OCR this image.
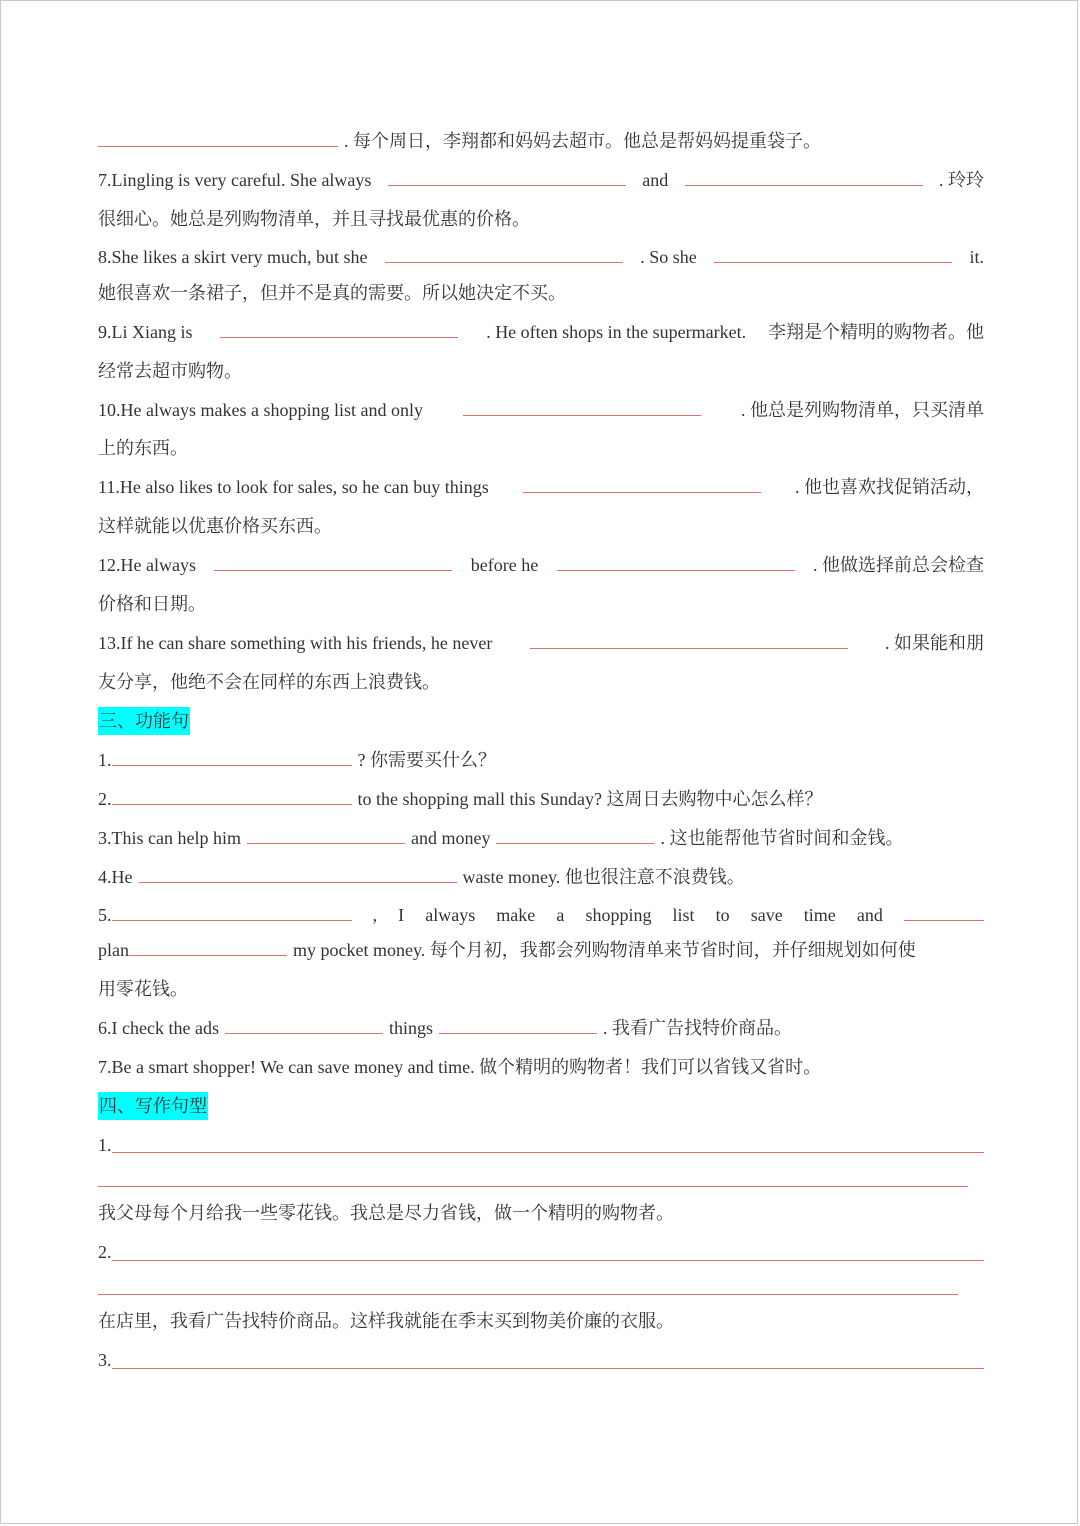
. 每个周日，李翔都和妈妈去超市。他总是帮妈妈提重袋子。
7.Lingling is very careful. She always	and	. 玲玲
很细心。她总是列购物清单，并且寻找最优惠的价格。
8.She likes a skirt very much, but she	. So she	it.
她很喜欢一条裙子，但并不是真的需要。所以她决定不买。
9.Li Xiang is	. He often shops in the supermarket. 李翔是个精明的购物者。他
经常去超市购物。
10.He always makes a shopping list and only	. 他总是列购物清单，只买清单
上的东西。
11.He also likes to look for sales, so he can buy things	. 他也喜欢找促销活动，
这样就能以优惠价格买东西。
12.He always	before he	. 他做选择前总会检查
价格和日期。
13.If he can share something with his friends, he never	. 如果能和朋
友分享，他绝不会在同样的东西上浪费钱。
三、功能句
1.	? 你需要买什么？
2.	to the shopping mall this Sunday? 这周日去购物中心怎么样？
3.This can help him	and money	. 这也能帮他节省时间和金钱。
4.He	waste money. 他也很注意不浪费钱。
5.	, I always make a shopping list to save time and
plan	my pocket money. 每个月初，我都会列购物清单来节省时间，并仔细规划如何使
用零花钱。
6.I check the ads	things	. 我看广告找特价商品。
7.Be a smart shopper! We can save money and time. 做个精明的购物者！我们可以省钱又省时。
四、写作句型
1.
我父母每个月给我一些零花钱。我总是尽力省钱，做一个精明的购物者。
2.
在店里，我看广告找特价商品。这样我就能在季末买到物美价廉的衣服。
3.
